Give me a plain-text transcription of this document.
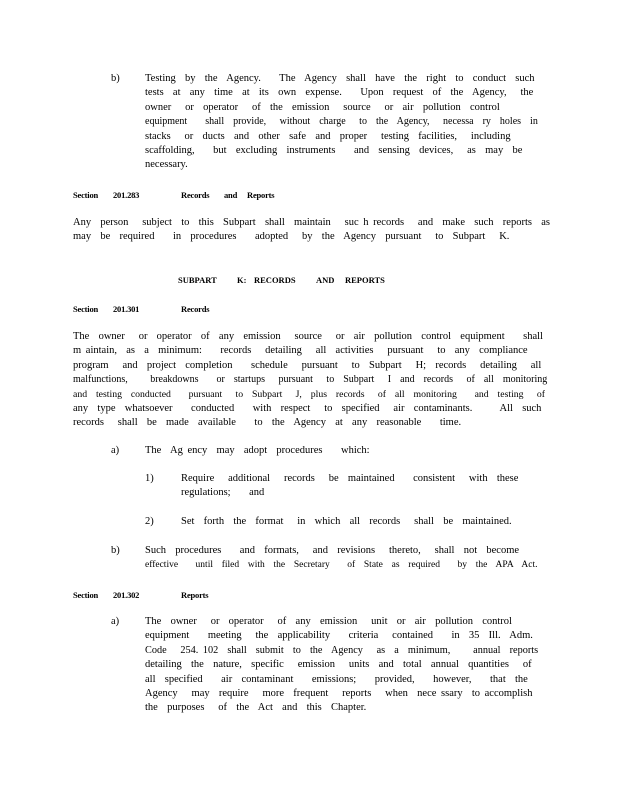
b) Testing  by  the  Agency.    The  Agency  shall  have  the  right  to  conduct  such
tests  at  any  time  at  its  own  expense.    Upon  request  of  the  Agency,   the
owner   or  operator   of  the  emission   source   or  air  pollution  control
equipment    shall  provide,   without  charge   to  the  Agency,   necessa  ry  holes  in
stacks   or  ducts  and  other  safe  and  proper   testing  facilities,   including
scaffolding,    but  excluding  instruments    and  sensing  devices,   as  may  be
necessary.
Section 201.283	Records and Reports
Any  person   subject  to  this  Subpart  shall  maintain   suc h records   and  make  such  reports  as
may  be  required    in  procedures    adopted   by  the  Agency  pursuant   to  Subpart   K.
SUBPART K: RECORDS AND REPORTS
Section 201.301	Records
The  owner   or  operator  of  any  emission   source   or  air  pollution  control  equipment    shall
m aintain,  as  a  minimum:    records   detailing   all  activities   pursuant   to  any  compliance
program   and  project  completion    schedule   pursuant   to  Subpart   H;  records   detailing   all
malfunctions,     breakdowns    or  startups   pursuant   to  Subpart   I  and  records   of  all  monitoring
and  testing  conducted    pursuant   to  Subpart   J,  plus  records   of  all  monitoring    and  testing   of
any  type  whatsoever    conducted    with  respect   to  specified   air  contaminants.      All  such
records   shall  be  made  available    to  the  Agency  at  any  reasonable    time.
a) The  Ag ency  may  adopt  procedures    which:
1)	Require   additional   records   be  maintained    consistent   with  these
regulations;    and
2)	Set  forth  the  format   in  which  all  records   shall  be  maintained.
b) Such  procedures    and  formats,   and  revisions   thereto,   shall  not  become
effective    until  filed  with  the  Secretary    of  State  as  required    by  the  APA  Act.
Section 201.302	Reports
a) The  owner   or  operator   of  any  emission   unit  or  air  pollution  control
equipment    meeting   the  applicability    criteria   contained    in  35  Ill.  Adm.
Code   254. 102  shall  submit  to  the  Agency   as  a  minimum,     annual  reports
detailing  the  nature,  specific   emission   units  and  total  annual  quantities   of
all  specified    air  contaminant    emissions;    provided,    however,    that  the
Agency   may  require   more  frequent   reports   when  nece ssary  to accomplish
the  purposes   of  the  Act  and  this  Chapter.
